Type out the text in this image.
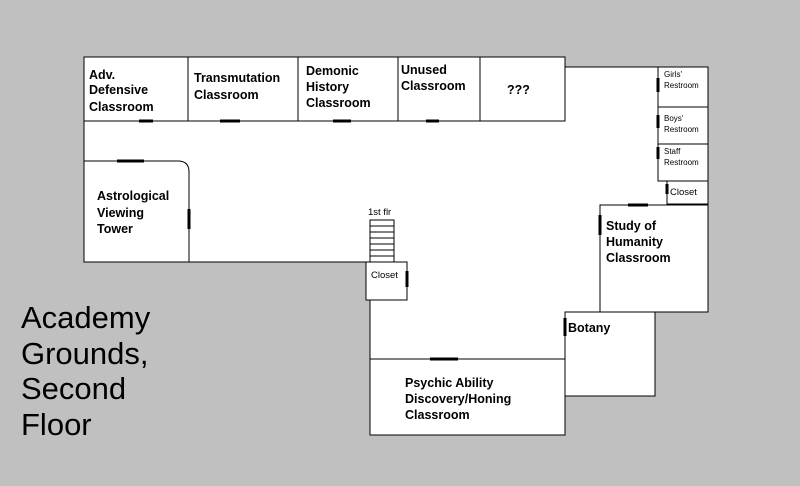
Adv. Defensive Classroom
Transmutation Classroom
Demonic History Classroom
Unused Classroom	???
Girls' Restroom
Boys' Restroom
Staff Restroom
Closet
Astrological Viewing Tower
1st flr
Closet
Study of Humanity Classroom
Botany
Psychic Ability Discovery/Honing Classroom
Academy Grounds, Second Floor
